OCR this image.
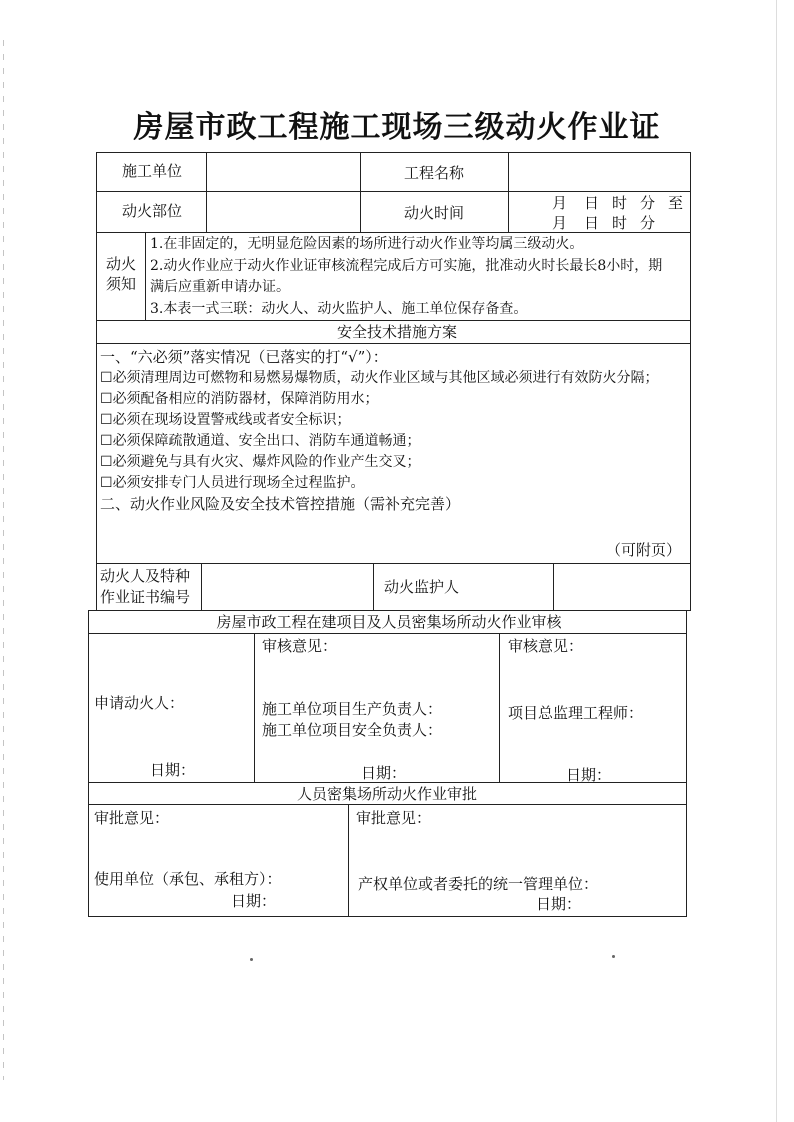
房屋市政工程施工现场三级动火作业证
施工单位	工程名称
动火部位	动火时间
月 日 时 分 至
月 日 时 分
动火
须知
1.在非固定的，无明显危险因素的场所进行动火作业等均属三级动火。
2.动火作业应于动火作业证审核流程完成后方可实施，批准动火时长最长8小时，期
满后应重新申请办证。
3.本表一式三联：动火人、动火监护人、施工单位保存备查。
安全技术措施方案
一、“六必须”落实情况（已落实的打“√”）：
☐必须清理周边可燃物和易燃易爆物质，动火作业区域与其他区域必须进行有效防火分隔；
☐必须配备相应的消防器材，保障消防用水；
☐必须在现场设置警戒线或者安全标识；
☐必须保障疏散通道、安全出口、消防车通道畅通；
☐必须避免与具有火灾、爆炸风险的作业产生交叉；
☐必须安排专门人员进行现场全过程监护。
二、动火作业风险及安全技术管控措施（需补充完善）
（可附页）
动火人及特种
作业证书编号
动火监护人
房屋市政工程在建项目及人员密集场所动火作业审核
申请动火人：
日期：
审核意见：
施工单位项目生产负责人：
施工单位项目安全负责人：
日期：
审核意见：
项目总监理工程师：
日期：
人员密集场所动火作业审批
审批意见：
使用单位（承包、承租方）：
日期：
审批意见：
产权单位或者委托的统一管理单位：
日期：
